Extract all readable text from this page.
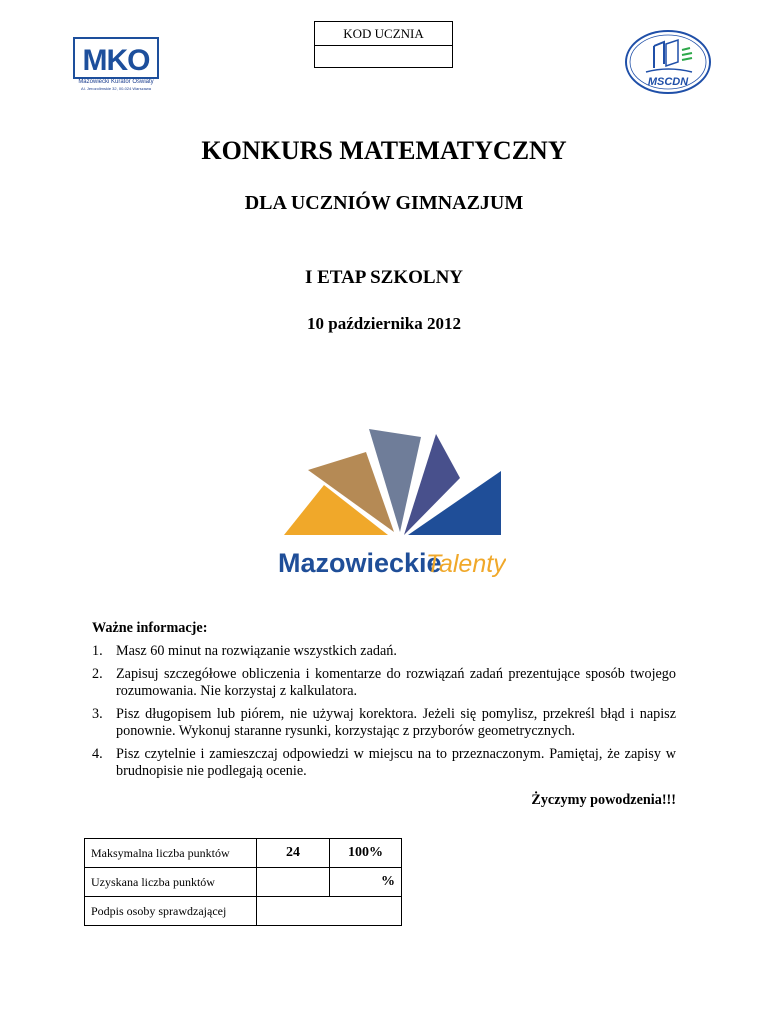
KOD UCZNIA
MKO
Mazowiecki Kurator Oświaty
Al. Jerozolimskie 32, 00-024 Warszawa
MSCDN
KONKURS MATEMATYCZNY
DLA UCZNIÓW GIMNAZJUM
I ETAP SZKOLNY
10 października 2012
Mazowieckie
Talenty
Ważne informacje:
1. Masz 60 minut na rozwiązanie wszystkich zadań.
2. Zapisuj szczegółowe obliczenia i komentarze do rozwiązań zadań prezentujące sposób twojego rozumowania. Nie korzystaj z kalkulatora.
3. Pisz długopisem lub piórem, nie używaj korektora. Jeżeli się pomylisz, przekreśl błąd i napisz ponownie. Wykonuj staranne rysunki, korzystając z przyborów geometrycznych.
4. Pisz czytelnie i zamieszczaj odpowiedzi w miejscu na to przeznaczonym. Pamiętaj, że zapisy w brudnopisie nie podlegają ocenie.
Życzymy powodzenia!!!
Maksymalna liczba punktów	24	100%
Uzyskana liczba punktów		%
Podpis osoby sprawdzającej		
